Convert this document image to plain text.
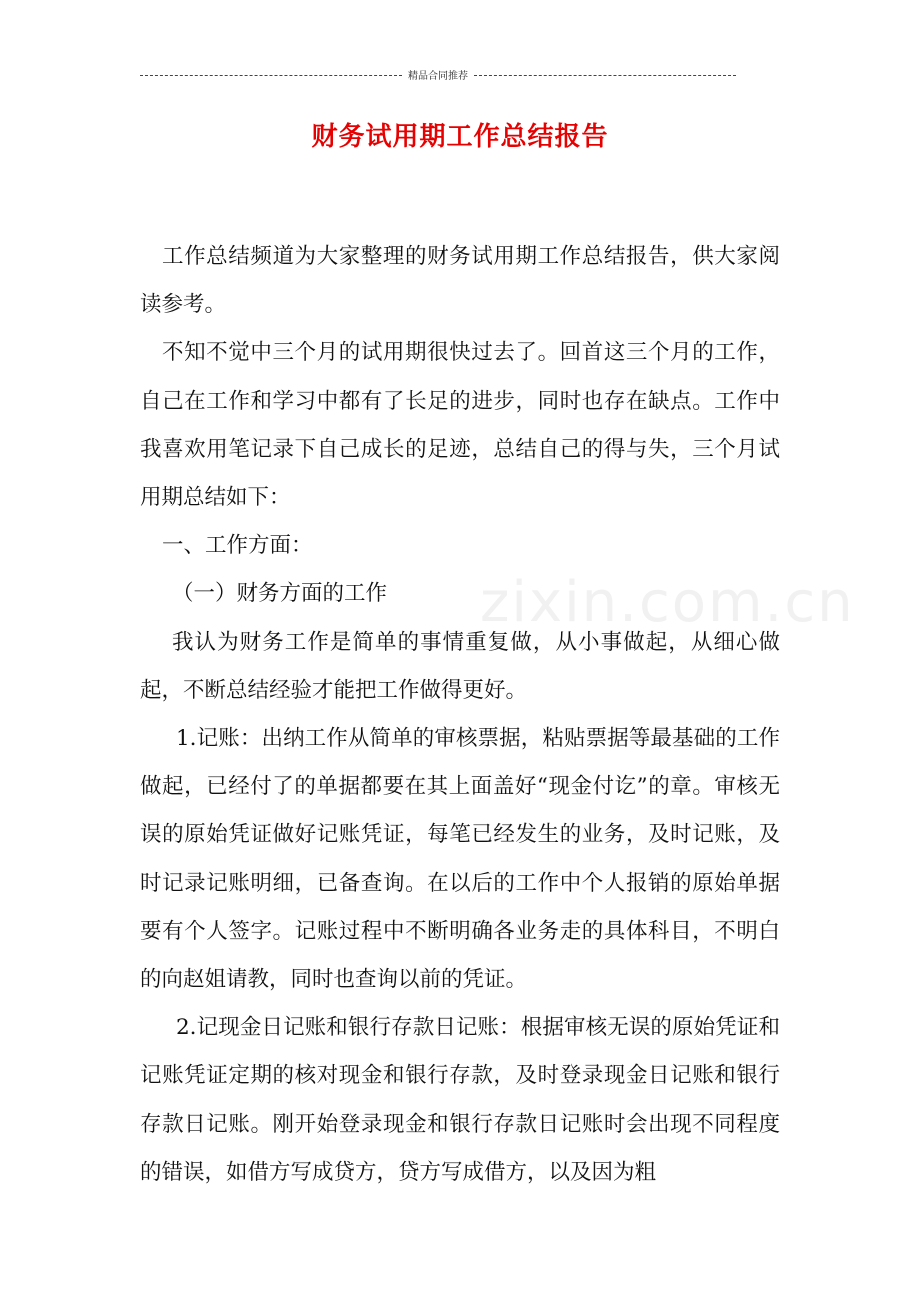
精品合同推荐
财务试用期工作总结报告
zixin.com.cn

工作总结频道为大家整理的财务试用期工作总结报告，供大家阅读参考。

不知不觉中三个月的试用期很快过去了。回首这三个月的工作，自己在工作和学习中都有了长足的进步，同时也存在缺点。工作中我喜欢用笔记录下自己成长的足迹，总结自己的得与失，三个月试用期总结如下：

一、工作方面：

（一）财务方面的工作

我认为财务工作是简单的事情重复做，从小事做起，从细心做起，不断总结经验才能把工作做得更好。

1.记账：出纳工作从简单的审核票据，粘贴票据等最基础的工作做起，已经付了的单据都要在其上面盖好“现金付讫”的章。审核无误的原始凭证做好记账凭证，每笔已经发生的业务，及时记账，及时记录记账明细，已备查询。在以后的工作中个人报销的原始单据要有个人签字。记账过程中不断明确各业务走的具体科目，不明白的向赵姐请教，同时也查询以前的凭证。

2.记现金日记账和银行存款日记账：根据审核无误的原始凭证和记账凭证定期的核对现金和银行存款，及时登录现金日记账和银行存款日记账。刚开始登录现金和银行存款日记账时会出现不同程度的错误，如借方写成贷方，贷方写成借方，以及因为粗
